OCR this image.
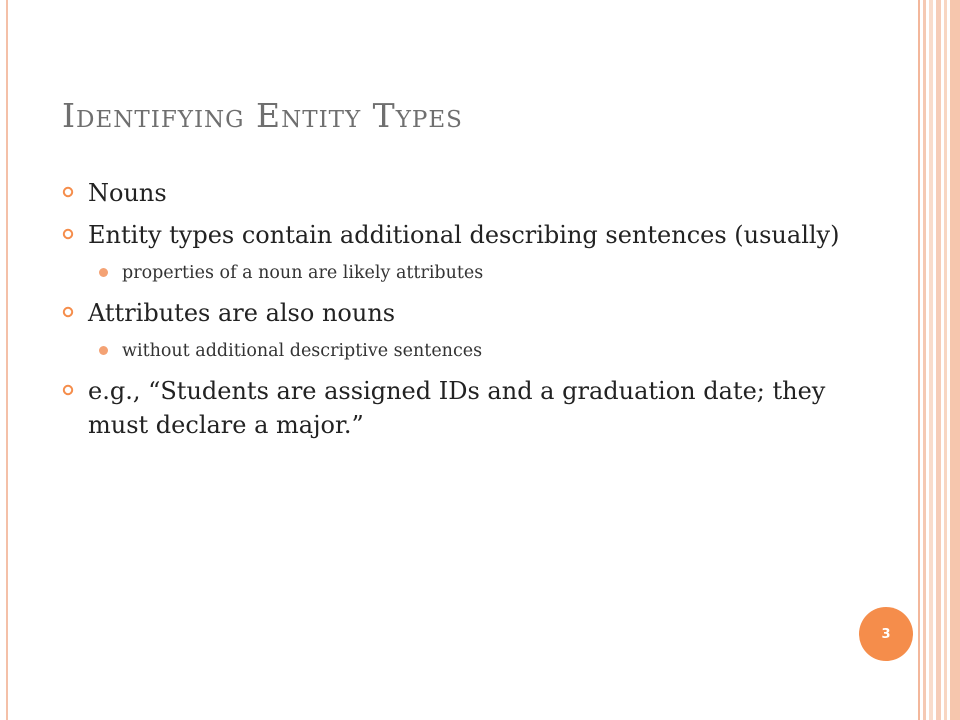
Identifying Entity Types
Nouns
Entity types contain additional describing sentences (usually)
properties of a noun are likely attributes
Attributes are also nouns
without additional descriptive sentences
e.g., “Students are assigned IDs and a graduation date; they must declare a major.”
3
